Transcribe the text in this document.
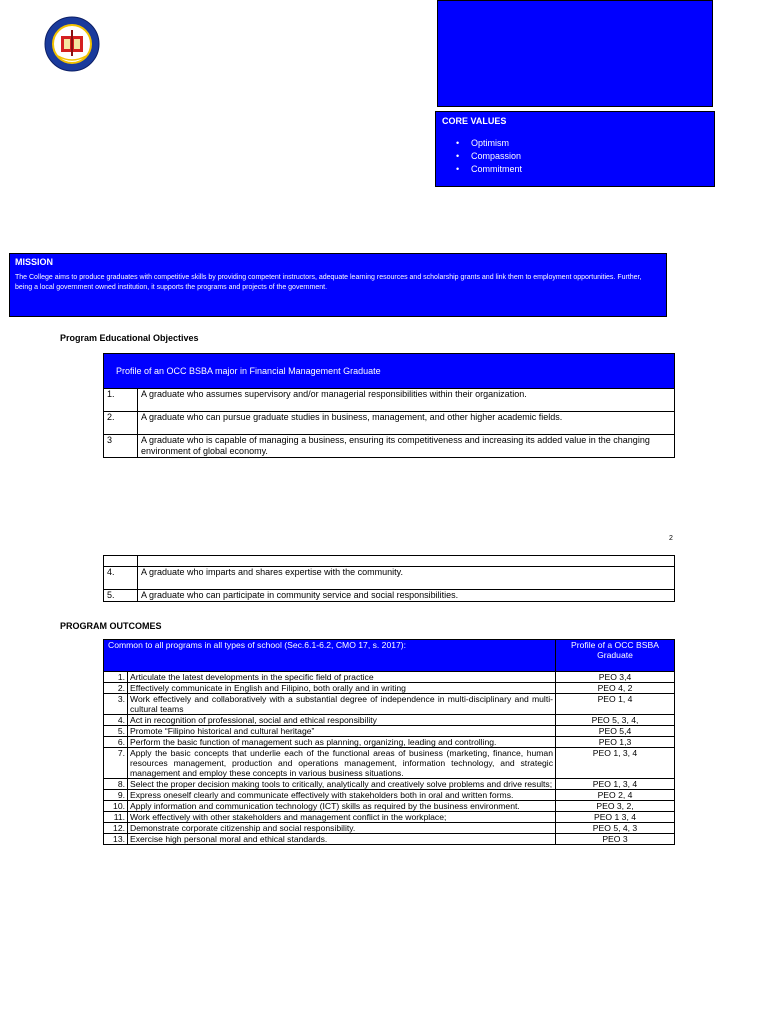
CORE VALUES
• Optimism
• Compassion
• Commitment
MISSION

The College aims to produce graduates with competitive skills by providing competent instructors, adequate learning resources and scholarship grants and link them to employment opportunities. Further, being a local government owned institution, it supports the programs and projects of the government.

Program Educational Objectives
Profile of an OCC BSBA major in Financial Management Graduate	
1.	A graduate who assumes supervisory and/or managerial responsibilities within their organization.
2.	A graduate who can pursue graduate studies in business, management, and other higher academic fields.
3	A graduate who is capable of managing a business, ensuring its competitiveness and increasing its added value in the changing environment of global economy.
2

4.	A graduate who imparts and shares expertise with the community.
5.	A graduate who can participate in community service and social responsibilities.
PROGRAM OUTCOMES
Common to all programs in all types of school (Sec.6.1-6.2, CMO 17, s. 2017):		Profile of a OCC BSBA Graduate
1.	Articulate the latest developments in the specific field of practice	PEO 3,4
2.	Effectively communicate in English and Filipino, both orally and in writing	PEO 4, 2
3.	Work effectively and collaboratively with a substantial degree of independence in multi-disciplinary and multi-cultural teams	PEO 1, 4
4.	Act in recognition of professional, social and ethical responsibility	PEO 5, 3, 4,
5.	Promote “Filipino historical and cultural heritage”	PEO 5,4
6.	Perform the basic function of management such as planning, organizing, leading and controlling.	PEO 1,3
7.	Apply the basic concepts that underlie each of the functional areas of business (marketing, finance, human resources management, production and operations management, information technology, and strategic management and employ these concepts in various business situations.	PEO 1, 3, 4
8.	Select the proper decision making tools to critically, analytically and creatively solve problems and drive results;	PEO 1, 3, 4
9.	Express oneself clearly and communicate effectively with stakeholders both in oral and written forms.	PEO 2, 4
10.	Apply information and communication technology (ICT) skills as required by the business environment.	PEO 3, 2,
11.	Work effectively with other stakeholders and management conflict in the workplace;	PEO 1 3, 4
12.	Demonstrate corporate citizenship and social responsibility.	PEO 5, 4, 3
13.	Exercise high personal moral and ethical standards.	PEO 3
